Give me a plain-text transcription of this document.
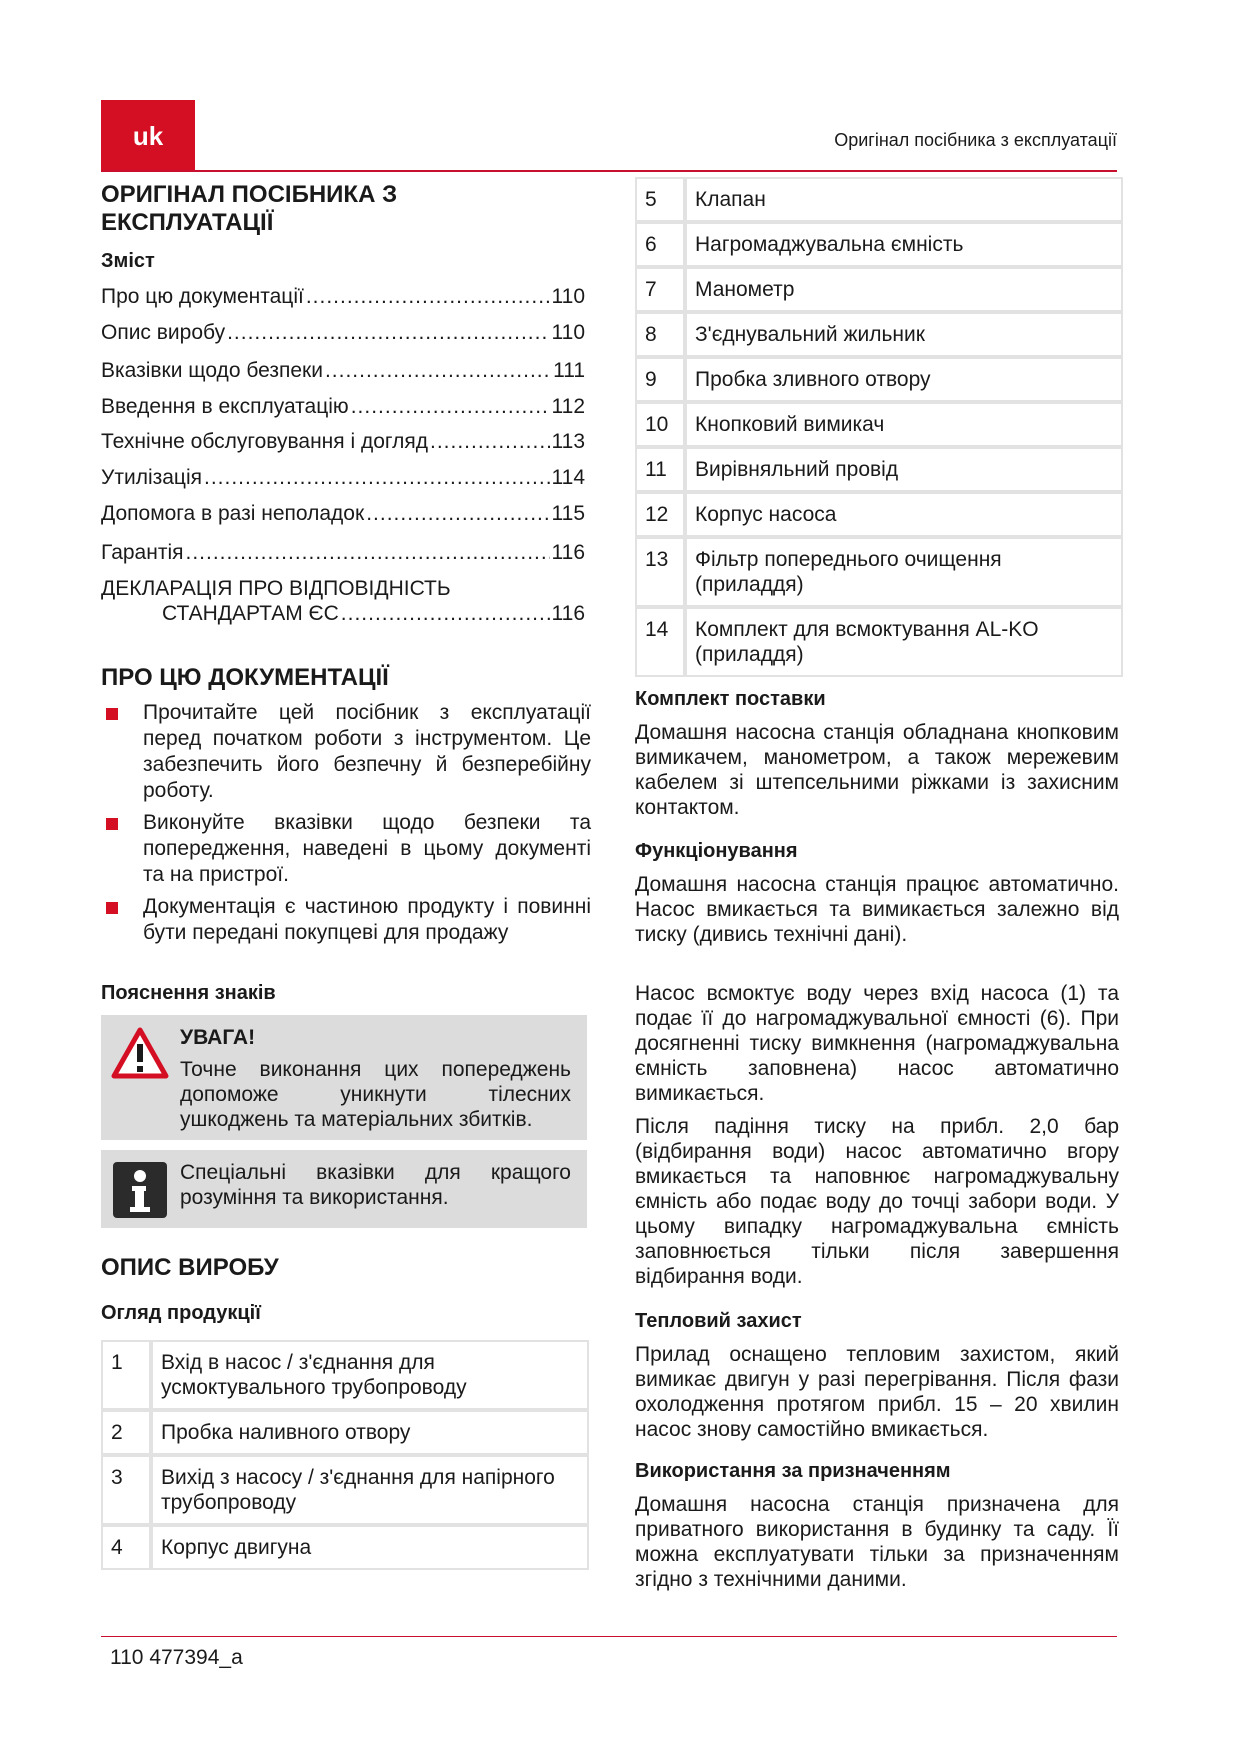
uk	Оригінал посібника з експлуатації
ОРИГІНАЛ ПОСІБНИКА З ЕКСПЛУАТАЦІЇ
Зміст
Про цю документації .....	110
Опис виробу .....	110
Вказівки щодо безпеки .....	111
Введення в експлуатацію .....	112
Технічне обслуговування і догляд .....	113
Утилізація .....	114
Допомога в разі неполадок .....	115
Гарантія .....	116
ДЕКЛАРАЦІЯ ПРО ВІДПОВІДНІСТЬ
СТАНДАРТАМ ЄС .....	116
ПРО ЦЮ ДОКУМЕНТАЦІЇ
Прочитайте цей посібник з експлуатації перед початком роботи з інструментом. Це забезпечить його безпечну й безперебійну роботу.
Виконуйте вказівки щодо безпеки та попередження, наведені в цьому документі та на пристрої.
Документація є частиною продукту і повинні бути передані покупцеві для продажу
Пояснення знаків
УВАГА!
Точне виконання цих попереджень допоможе уникнути тілесних ушкоджень та матеріальних збитків.
Спеціальні вказівки для кращого розуміння та використання.
ОПИС ВИРОБУ
Огляд продукції
1	Вхід в насос / з'єднання для усмоктувального трубопроводу
2	Пробка наливного отвору
3	Вихід з насосу / з'єднання для напірного трубопроводу
4	Корпус двигуна
5	Клапан
6	Нагромаджувальна ємність
7	Манометр
8	З'єднувальний жильник
9	Пробка зливного отвору
10	Кнопковий вимикач
11	Вирівняльний провід
12	Корпус насоса
13	Фільтр попереднього очищення (приладдя)
14	Комплект для всмоктування AL-KO (приладдя)
Комплект поставки
Домашня насосна станція обладнана кнопковим вимикачем, манометром, а також мережевим кабелем зі штепсельними ріжками із захисним контактом.
Функціонування
Домашня насосна станція працює автоматично. Насос вмикається та вимикається залежно від тиску (дивись технічні дані).
Насос всмоктує воду через вхід насоса (1) та подає її до нагромаджувальної ємності (6). При досягненні тиску вимкнення (нагромаджувальна ємність заповнена) насос автоматично вимикається.
Після падіння тиску на прибл. 2,0 бар (відбирання води) насос автоматично вгору вмикається та наповнює нагромаджувальну ємність або подає воду до точці забори води. У цьому випадку нагромаджувальна ємність заповнюється тільки після завершення відбирання води.
Тепловий захист
Прилад оснащено тепловим захистом, який вимикає двигун у разі перегрівання. Після фази охолодження протягом прибл. 15 – 20 хвилин насос знову самостійно вмикається.
Використання за призначенням
Домашня насосна станція призначена для приватного використання в будинку та саду. Її можна експлуатувати тільки за призначенням згідно з технічними даними.
110 477394_a
